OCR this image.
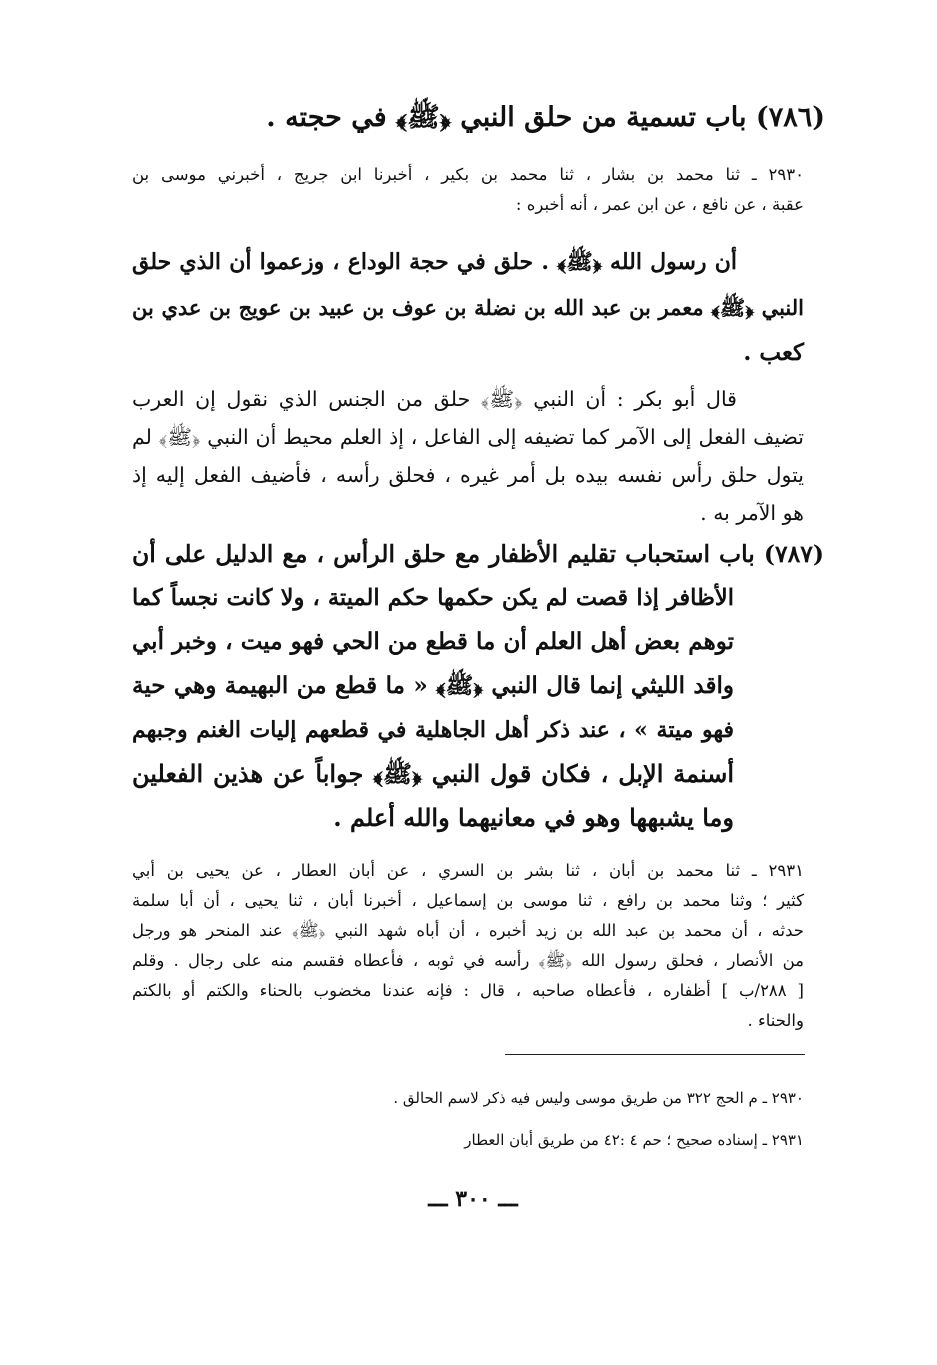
(٧٨٦) باب تسمية من حلق النبي ﴿ﷺ﴾ في حجته .
٢٩٣٠ ـ ثنا محمد بن بشار ، ثنا محمد بن بكير ، أخبرنا ابن جريج ، أخبرني موسى بن
عقبة ، عن نافع ، عن ابن عمر ، أنه أخبره :
أن رسول الله ﴿ﷺ﴾ . حلق في حجة الوداع ، وزعموا أن الذي حلق
النبي ﴿ﷺ﴾ معمر بن عبد الله بن نضلة بن عوف بن عبيد بن عويج بن عدي بن
كعب .
قال أبو بكر : أن النبي ﴿ﷺ﴾ حلق من الجنس الذي نقول إن العرب
تضيف الفعل إلى الآمر كما تضيفه إلى الفاعل ، إذ العلم محيط أن النبي ﴿ﷺ﴾ لم
يتول حلق رأس نفسه بيده بل أمر غيره ، فحلق رأسه ، فأضيف الفعل إليه إذ
هو الآمر به .
(٧٨٧) باب استحباب تقليم الأظفار مع حلق الرأس ، مع الدليل على أن
الأظافر إذا قصت لم يكن حكمها حكم الميتة ، ولا كانت نجساً كما
توهم بعض أهل العلم أن ما قطع من الحي فهو ميت ، وخبر أبي
واقد الليثي إنما قال النبي ﴿ﷺ﴾ « ما قطع من البهيمة وهي حية
فهو ميتة » ، عند ذكر أهل الجاهلية في قطعهم إليات الغنم وجبهم
أسنمة الإبل ، فكان قول النبي ﴿ﷺ﴾ جواباً عن هذين الفعلين
وما يشبهها وهو في معانيهما والله أعلم .
٢٩٣١ ـ ثنا محمد بن أبان ، ثنا بشر بن السري ، عن أبان العطار ، عن يحيى بن أبي
كثير ؛ وثنا محمد بن رافع ، ثنا موسى بن إسماعيل ، أخبرنا أبان ، ثنا يحيى ، أن أبا سلمة
حدثه ، أن محمد بن عبد الله بن زيد أخبره ، أن أباه شهد النبي ﴿ﷺ﴾ عند المنحر هو ورجل
من الأنصار ، فحلق رسول الله ﴿ﷺ﴾ رأسه في ثوبه ، فأعطاه فقسم منه على رجال . وقلم
[ ٢٨٨/ب ] أظفاره ، فأعطاه صاحبه ، قال : فإنه عندنا مخضوب بالحناء والكتم أو بالكتم
والحناء .
٢٩٣٠ ـ م الحج ٣٢٢ من طريق موسى وليس فيه ذكر لاسم الحالق .
٢٩٣١ ـ إسناده صحيح ؛ حم ٤ :٤٢ من طريق أبان العطار
ـــ ٣٠٠ ـــ
